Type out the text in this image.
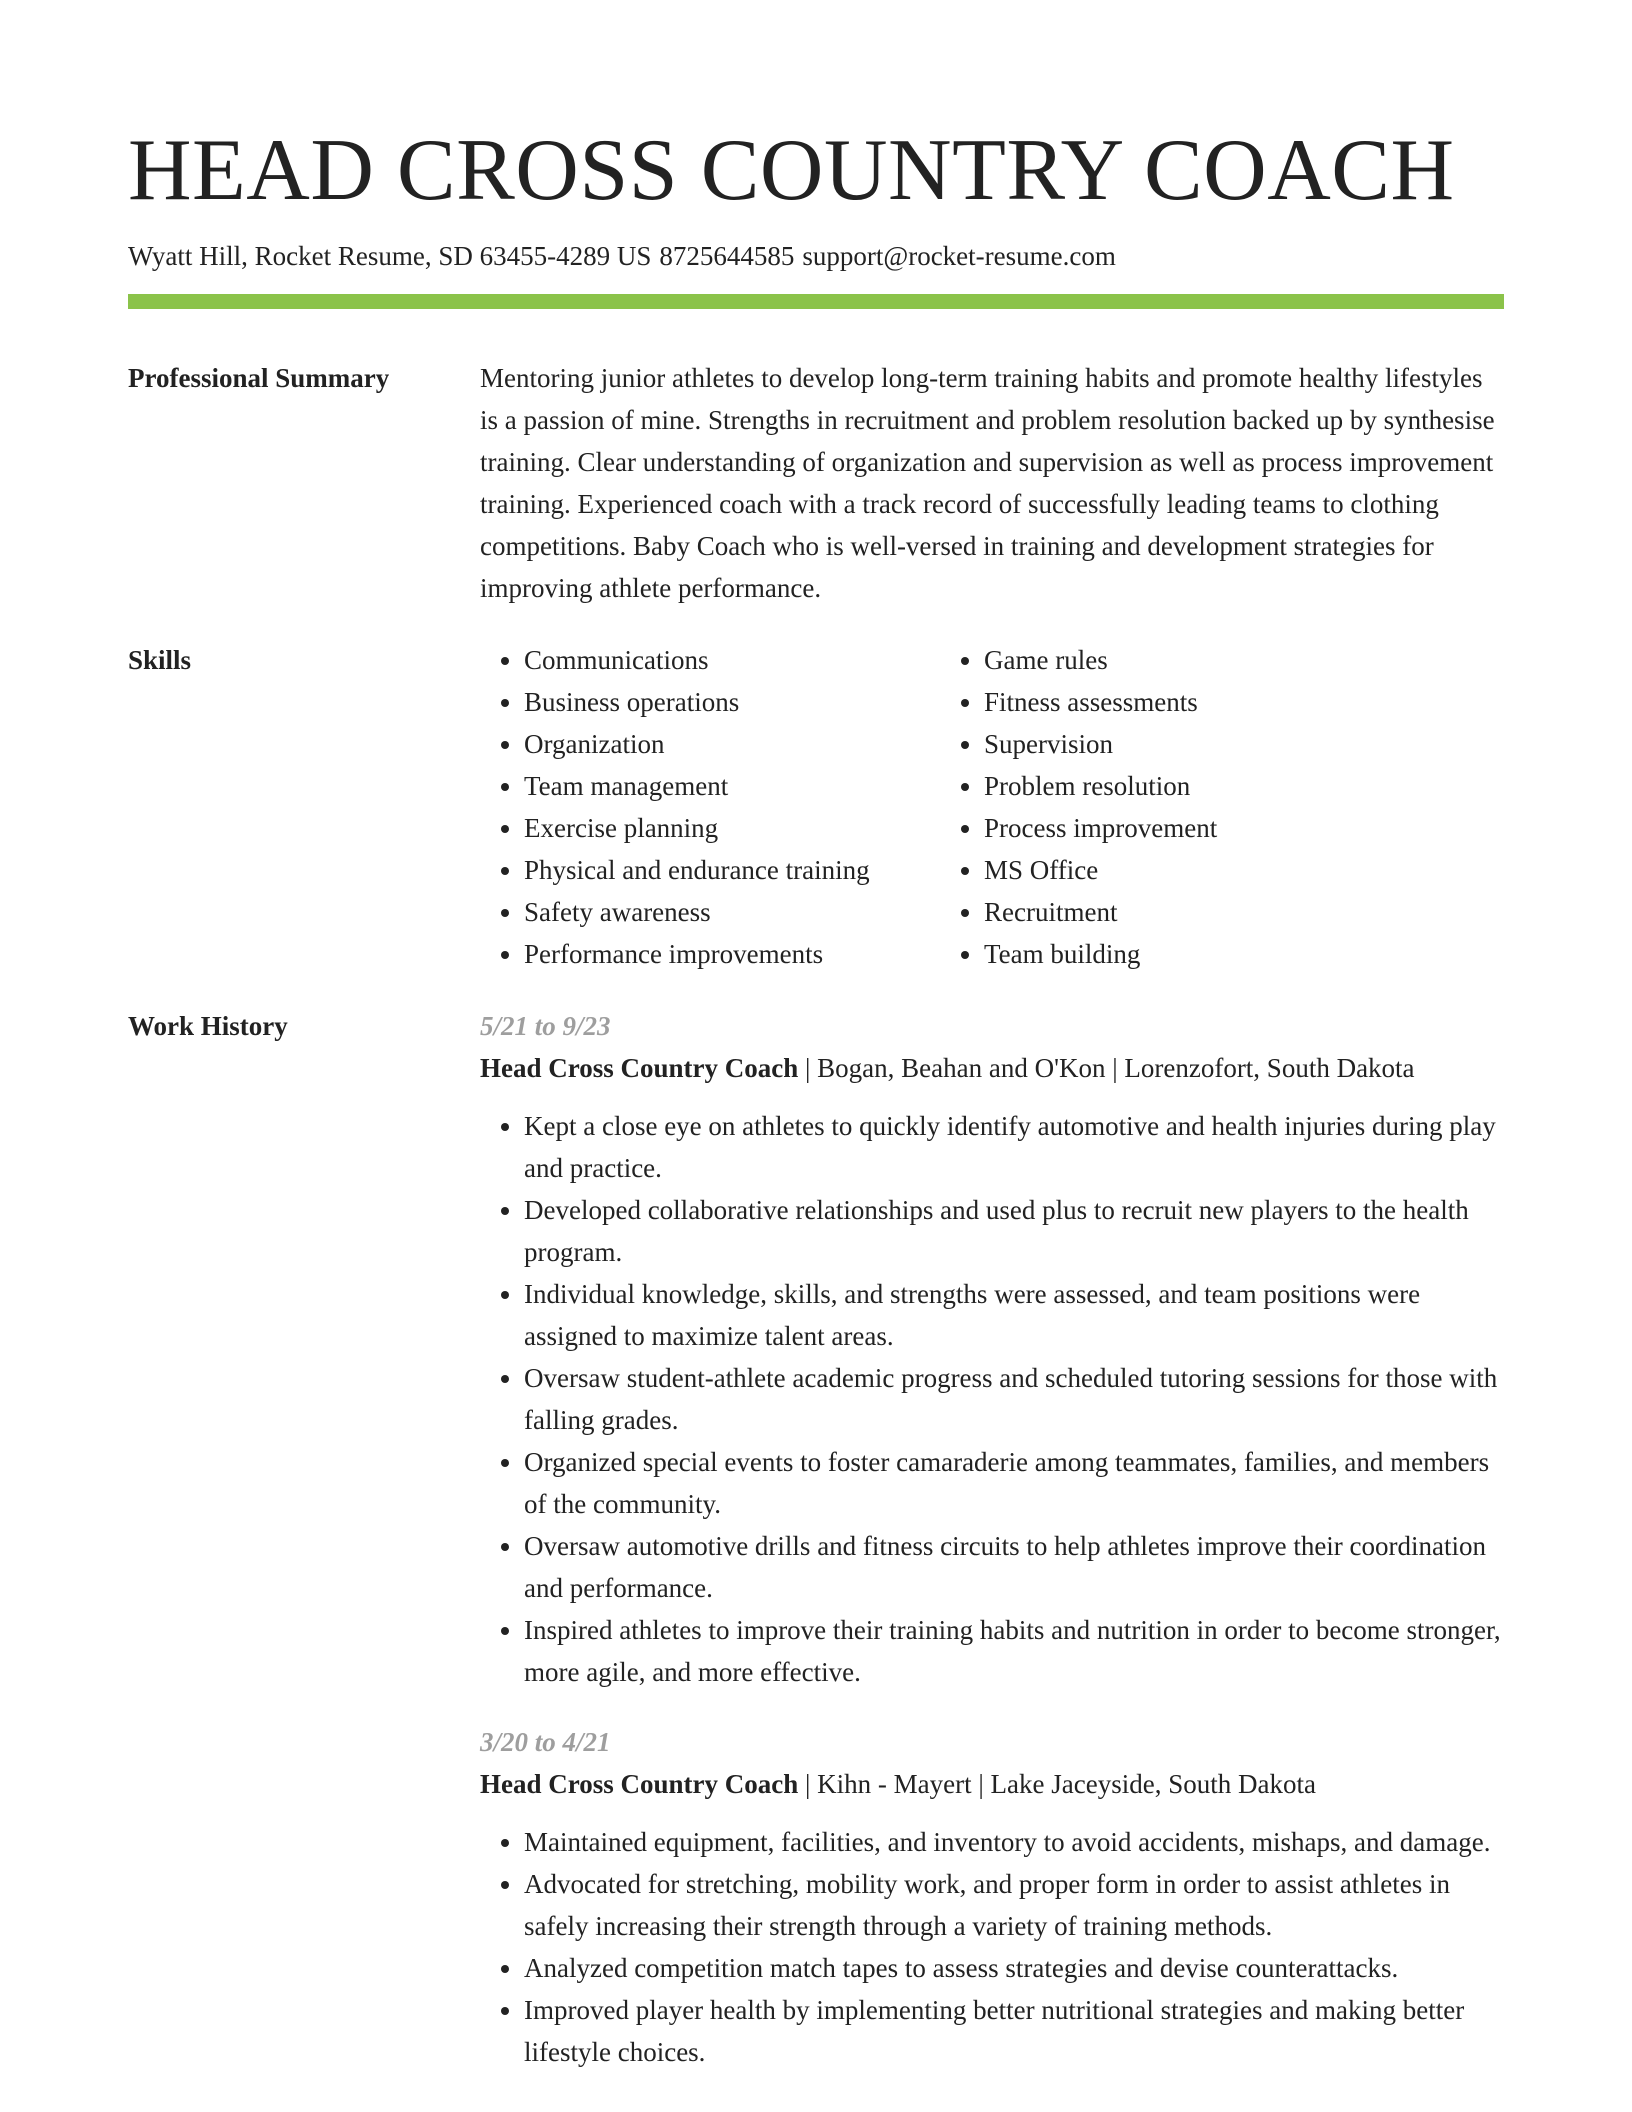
HEAD CROSS COUNTRY COACH
Wyatt Hill, Rocket Resume, SD 63455-4289 US 8725644585 support@rocket-resume.com
Professional Summary	Mentoring junior athletes to develop long-term training habits and promote healthy lifestyles is a passion of mine. Strengths in recruitment and problem resolution backed up by synthesise training. Clear understanding of organization and supervision as well as process improvement training. Experienced coach with a track record of successfully leading teams to clothing competitions. Baby Coach who is well-versed in training and development strategies for improving athlete performance.

Skills
•	Communications
• Business operations
• Organization
• Team management
• Exercise planning
• Physical and endurance training
• Safety awareness
• Performance improvements
• Game rules
• Fitness assessments
• Supervision
• Problem resolution
• Process improvement
• MS Office
• Recruitment
• Team building
Work History	5/21 to 9/23
Head Cross Country Coach | Bogan, Beahan and O'Kon | Lorenzofort, South Dakota
• Kept a close eye on athletes to quickly identify automotive and health injuries during play and practice.
• Developed collaborative relationships and used plus to recruit new players to the health program.
• Individual knowledge, skills, and strengths were assessed, and team positions were assigned to maximize talent areas.
• Oversaw student-athlete academic progress and scheduled tutoring sessions for those with falling grades.
• Organized special events to foster camaraderie among teammates, families, and members of the community.
• Oversaw automotive drills and fitness circuits to help athletes improve their coordination and performance.
• Inspired athletes to improve their training habits and nutrition in order to become stronger, more agile, and more effective.
3/20 to 4/21
Head Cross Country Coach | Kihn - Mayert | Lake Jaceyside, South Dakota
• Maintained equipment, facilities, and inventory to avoid accidents, mishaps, and damage.
• Advocated for stretching, mobility work, and proper form in order to assist athletes in safely increasing their strength through a variety of training methods.
• Analyzed competition match tapes to assess strategies and devise counterattacks.
• Improved player health by implementing better nutritional strategies and making better lifestyle choices.
